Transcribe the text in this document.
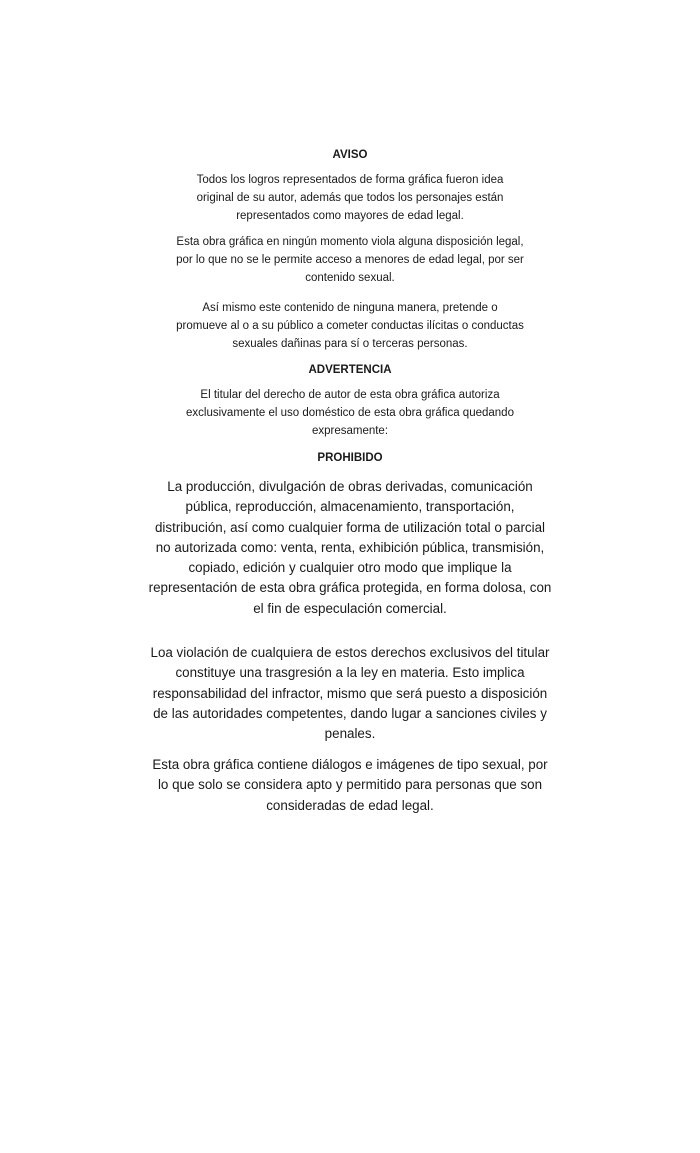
AVISO

Todos los logros representados de forma gráfica fueron idea

original de su autor, además que todos los personajes están

representados como mayores de edad legal.

Esta obra gráfica en ningún momento viola alguna disposición legal,

por lo que no se le permite acceso a menores de edad legal, por ser

contenido sexual.

Así mismo este contenido de ninguna manera, pretende o

promueve al o a su público a cometer conductas ilícitas o conductas

sexuales dañinas para sí o terceras personas.

ADVERTENCIA

El titular del derecho de autor de esta obra gráfica autoriza

exclusivamente el uso doméstico de esta obra gráfica quedando

expresamente:

PROHIBIDO

La producción, divulgación de obras derivadas, comunicación

pública, reproducción, almacenamiento, transportación,

distribución, así como cualquier forma de utilización total o parcial

no autorizada como: venta, renta, exhibición pública, transmisión,

copiado, edición y cualquier otro modo que implique la

representación de esta obra gráfica protegida, en forma dolosa, con

el fin de especulación comercial.

Loa violación de cualquiera de estos derechos exclusivos del titular

constituye una trasgresión a la ley en materia. Esto implica

responsabilidad del infractor, mismo que será puesto a disposición

de las autoridades competentes, dando lugar a sanciones civiles y

penales.

Esta obra gráfica contiene diálogos e imágenes de tipo sexual, por

lo que solo se considera apto y permitido para personas que son

consideradas de edad legal.
